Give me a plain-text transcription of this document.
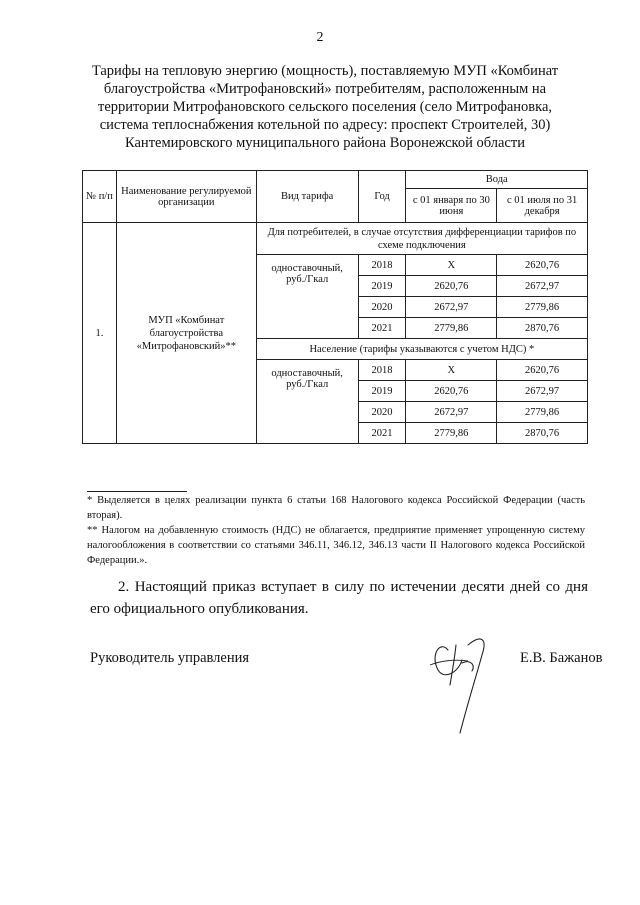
2
Тарифы на тепловую энергию (мощность), поставляемую МУП «Комбинат благоустройства «Митрофановский» потребителям, расположенным на территории Митрофановского сельского поселения (село Митрофановка, система теплоснабжения котельной по адресу: проспект Строителей, 30) Кантемировского муниципального района Воронежской области
№ п/п	Наименование регулируемой организации	Вид тарифа	Год	Вода	
				с 01 января по 30 июня	с 01 июля по 31 декабря
1.	МУП «Комбинат благоустройства «Митрофановский»**	Для потребителей, в случае отсутствия дифференциации тарифов по схеме подключения			
		одноставочный, руб./Гкал	2018	Х	2620,76
			2019	2620,76	2672,97
			2020	2672,97	2779,86
			2021	2779,86	2870,76
		Население (тарифы указываются с учетом НДС) *			
		одноставочный, руб./Гкал	2018	Х	2620,76
			2019	2620,76	2672,97
			2020	2672,97	2779,86
			2021	2779,86	2870,76

* Выделяется в целях реализации пункта 6 статьи 168 Налогового кодекса Российской Федерации (часть вторая).

** Налогом на добавленную стоимость (НДС) не облагается, предприятие применяет упрощенную систему налогообложения в соответствии со статьями 346.11, 346.12, 346.13 части II Налогового кодекса Российской Федерации.».

2. Настоящий приказ вступает в силу по истечении десяти дней со дня его официального опубликования.
Руководитель управления	Е.В. Бажанов
